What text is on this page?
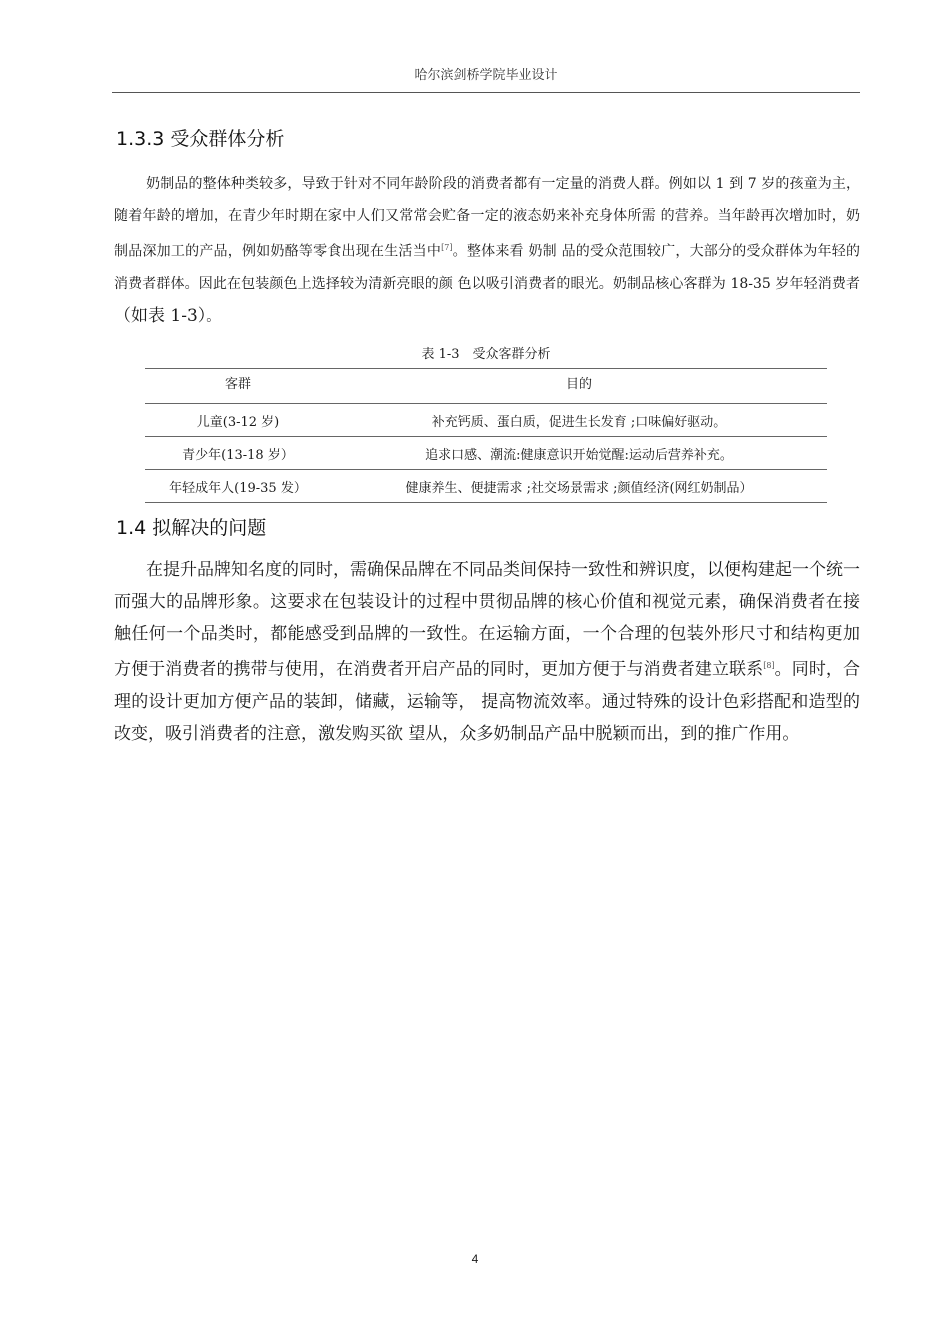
哈尔滨剑桥学院毕业设计
1.3.3 受众群体分析

奶制品的整体种类较多，导致于针对不同年龄阶段的消费者都有一定量的消费人群。例如以 1 到 7 岁的孩童为主，随着年龄的增加，在青少年时期在家中人们又常常会贮备一定的液态奶来补充身体所需 的营养。当年龄再次增加时，奶制品深加工的产品，例如奶酪等零食出现在生活当中[7]。整体来看 奶制 品的受众范围较广，大部分的受众群体为年轻的消费者群体。因此在包装颜色上选择较为清新亮眼的颜 色以吸引消费者的眼光。奶制品核心客群为 18-35 岁年轻消费者（如表 1-3）。

表 1-3　受众客群分析
客群	目的
儿童(3-12 岁)	补充钙质、蛋白质，促进生长发育 ;口味偏好驱动。
青少年(13-18 岁）	追求口感、潮流:健康意识开始觉醒:运动后营养补充。
年轻成年人(19-35 发）	健康养生、便捷需求 ;社交场景需求 ;颜值经济(网红奶制品）
1.4 拟解决的问题

在提升品牌知名度的同时，需确保品牌在不同品类间保持一致性和辨识度，以便构建起一个统一而强大的品牌形象。这要求在包装设计的过程中贯彻品牌的核心价值和视觉元素，确保消费者在接触任何一个品类时，都能感受到品牌的一致性。在运输方面，一个合理的包装外形尺寸和结构更加方便于消费者的携带与使用，在消费者开启产品的同时，更加方便于与消费者建立联系[8]。同时，合理的设计更加方便产品的装卸，储藏，运输等， 提高物流效率。通过特殊的设计色彩搭配和造型的改变，吸引消费者的注意，激发购买欲 望从，众多奶制品产品中脱颖而出，到的推广作用。

4
